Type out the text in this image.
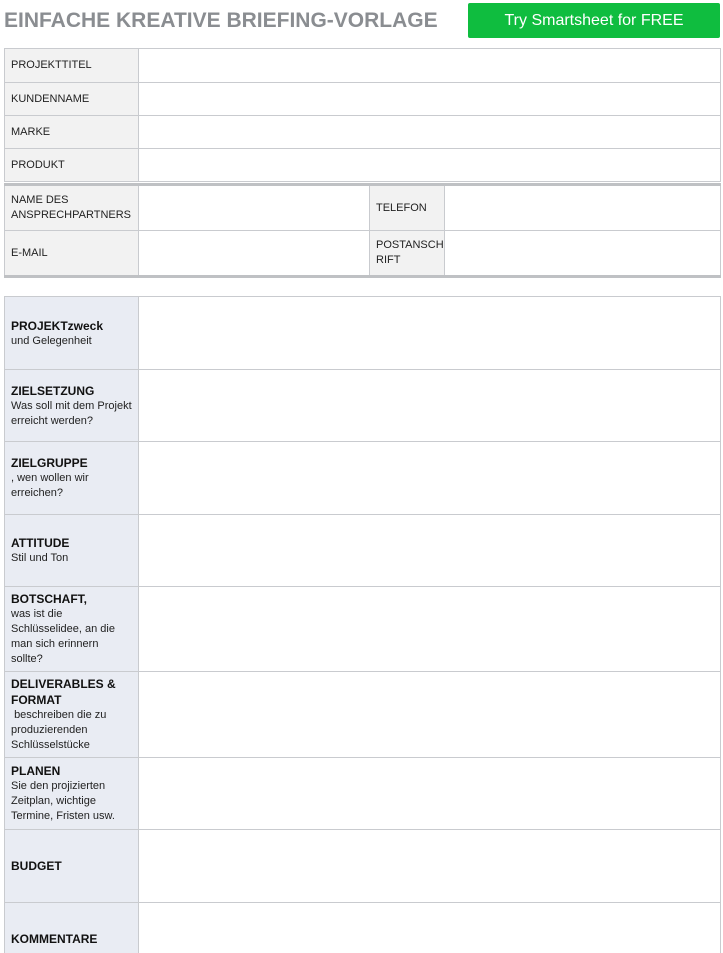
EINFACHE KREATIVE BRIEFING-VORLAGE	Try Smartsheet for FREE
PROJEKTTITEL	
KUNDENNAME	
MARKE	
PRODUKT	
NAME DES ANSPRECHPARTNERS		TELEFON	
E-MAIL		POSTANSCH RIFT	
PROJEKTzweck
und Gelegenheit	

ZIELSETZUNG
Was soll mit dem Projekt erreicht werden?	

ZIELGRUPPE
, wen wollen wir erreichen?	

ATTITUDE
Stil und Ton	

BOTSCHAFT,
was ist die Schlüsselidee, an die man sich erinnern sollte?	

DELIVERABLES & FORMAT
beschreiben die zu produzierenden Schlüsselstücke	

PLANEN
Sie den projizierten Zeitplan, wichtige Termine, Fristen usw.	

BUDGET	

KOMMENTARE	
